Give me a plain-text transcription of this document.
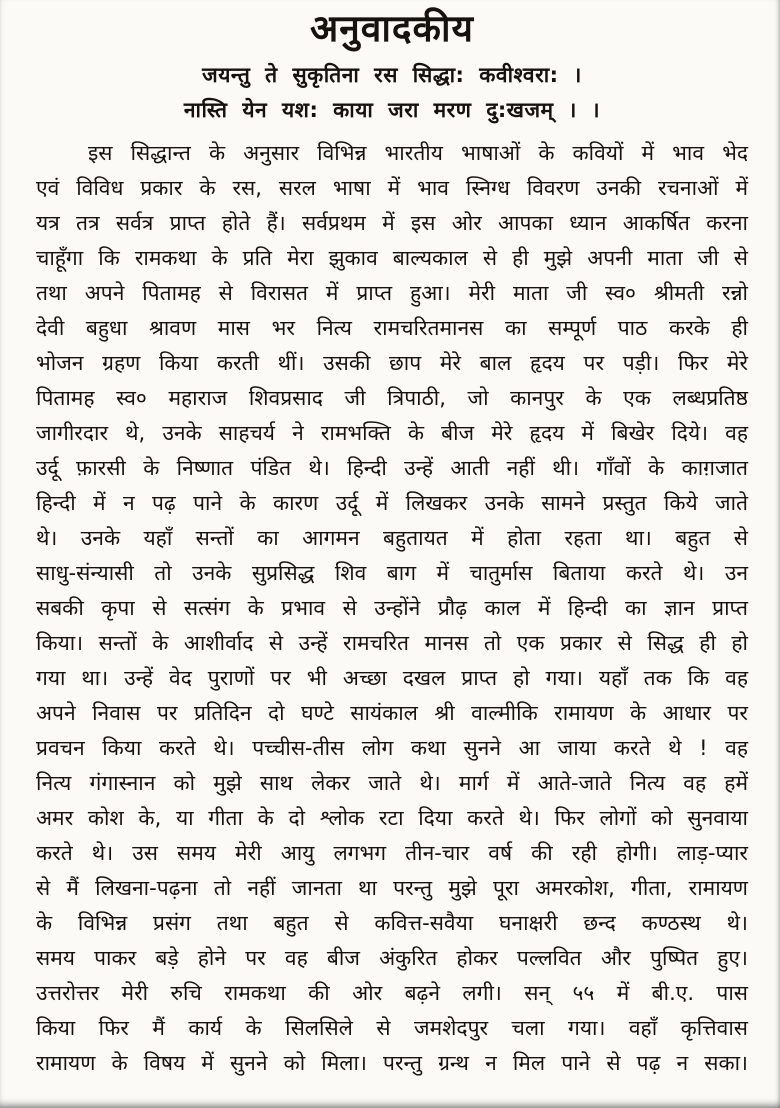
अनुवादकीय
जयन्तु ते सुकृतिना रस सिद्धा: कवीश्वरा: ।
नास्ति येन यश: काया जरा मरण दु:खजम् । ।
इस सिद्धान्त के अनुसार विभिन्न भारतीय भाषाओं के कवियों में भाव भेद
एवं विविध प्रकार के रस, सरल भाषा में भाव स्निग्ध विवरण उनकी रचनाओं में
यत्र तत्र सर्वत्र प्राप्त होते हैं। सर्वप्रथम में इस ओर आपका ध्यान आकर्षित करना
चाहूँगा कि रामकथा के प्रति मेरा झुकाव बाल्यकाल से ही मुझे अपनी माता जी से
तथा अपने पितामह से विरासत में प्राप्त हुआ। मेरी माता जी स्व० श्रीमती रन्नो
देवी बहुधा श्रावण मास भर नित्य रामचरितमानस का सम्पूर्ण पाठ करके ही
भोजन ग्रहण किया करती थीं। उसकी छाप मेरे बाल हृदय पर पड़ी। फिर मेरे
पितामह स्व० महाराज शिवप्रसाद जी त्रिपाठी, जो कानपुर के एक लब्धप्रतिष्ठ
जागीरदार थे, उनके साहचर्य ने रामभक्ति के बीज मेरे हृदय में बिखेर दिये। वह
उर्दू फ़ारसी के निष्णात पंडित थे। हिन्दी उन्हें आती नहीं थी। गाँवों के काग़जात
हिन्दी में न पढ़ पाने के कारण उर्दू में लिखकर उनके सामने प्रस्तुत किये जाते
थे। उनके यहाँ सन्तों का आगमन बहुतायत में होता रहता था। बहुत से
साधु-संन्यासी तो उनके सुप्रसिद्ध शिव बाग में चातुर्मास बिताया करते थे। उन
सबकी कृपा से सत्संग के प्रभाव से उन्होंने प्रौढ़ काल में हिन्दी का ज्ञान प्राप्त
किया। सन्तों के आशीर्वाद से उन्हें रामचरित मानस तो एक प्रकार से सिद्ध ही हो
गया था। उन्हें वेद पुराणों पर भी अच्छा दखल प्राप्त हो गया। यहाँ तक कि वह
अपने निवास पर प्रतिदिन दो घण्टे सायंकाल श्री वाल्मीकि रामायण के आधार पर
प्रवचन किया करते थे। पच्चीस-तीस लोग कथा सुनने आ जाया करते थे ! वह
नित्य गंगास्नान को मुझे साथ लेकर जाते थे। मार्ग में आते-जाते नित्य वह हमें
अमर कोश के, या गीता के दो श्लोक रटा दिया करते थे। फिर लोगों को सुनवाया
करते थे। उस समय मेरी आयु लगभग तीन-चार वर्ष की रही होगी। लाड़-प्यार
से मैं लिखना-पढ़ना तो नहीं जानता था परन्तु मुझे पूरा अमरकोश, गीता, रामायण
के विभिन्न प्रसंग तथा बहुत से कवित्त-सवैया घनाक्षरी छन्द कण्ठस्थ थे।
समय पाकर बड़े होने पर वह बीज अंकुरित होकर पल्लवित और पुष्पित हुए।
उत्तरोत्तर मेरी रुचि रामकथा की ओर बढ़ने लगी। सन् ५५ में बी.ए. पास
किया फिर मैं कार्य के सिलसिले से जमशेदपुर चला गया। वहाँ कृत्तिवास
रामायण के विषय में सुनने को मिला। परन्तु ग्रन्थ न मिल पाने से पढ़ न सका।
